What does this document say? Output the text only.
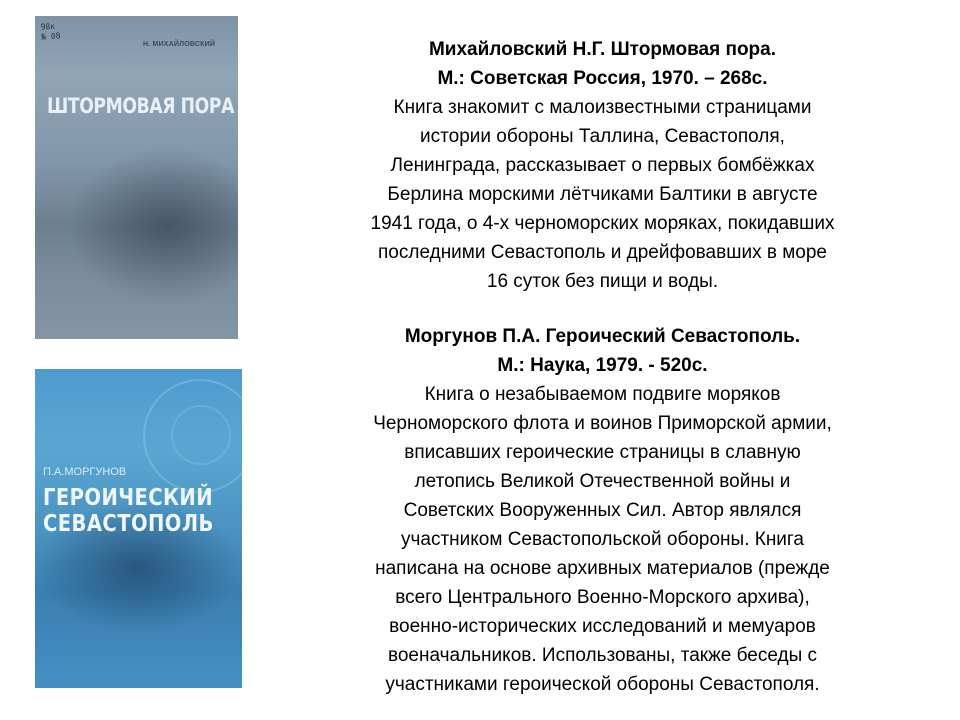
98к
№ 08
Н. МИХАЙЛОВСКИЙ
ШТОРМОВАЯ ПОРА
П.А.МОРГУНОВ
ГЕРОИЧЕСКИЙ
СЕВАСТОПОЛЬ
Михайловский Н.Г. Штормовая пора.
М.: Советская Россия, 1970. – 268с.
Книга знакомит с малоизвестными страницами
истории обороны Таллина, Севастополя,
Ленинграда, рассказывает о первых бомбёжках
Берлина морскими лётчиками Балтики в августе
1941 года, о 4-х черноморских моряках, покидавших
последними Севастополь и дрейфовавших в море
16 суток без пищи и воды.
Моргунов П.А. Героический Севастополь.
М.: Наука, 1979. - 520с.
Книга о незабываемом подвиге моряков
Черноморского флота и воинов Приморской армии,
вписавших героические страницы в славную
летопись Великой Отечественной войны и
Советских Вооруженных Сил. Автор являлся
участником Севастопольской обороны. Книга
написана на основе архивных материалов (прежде
всего Центрального Военно-Морского архива),
военно-исторических исследований и мемуаров
военачальников. Использованы, также беседы с
участниками героической обороны Севастополя.
